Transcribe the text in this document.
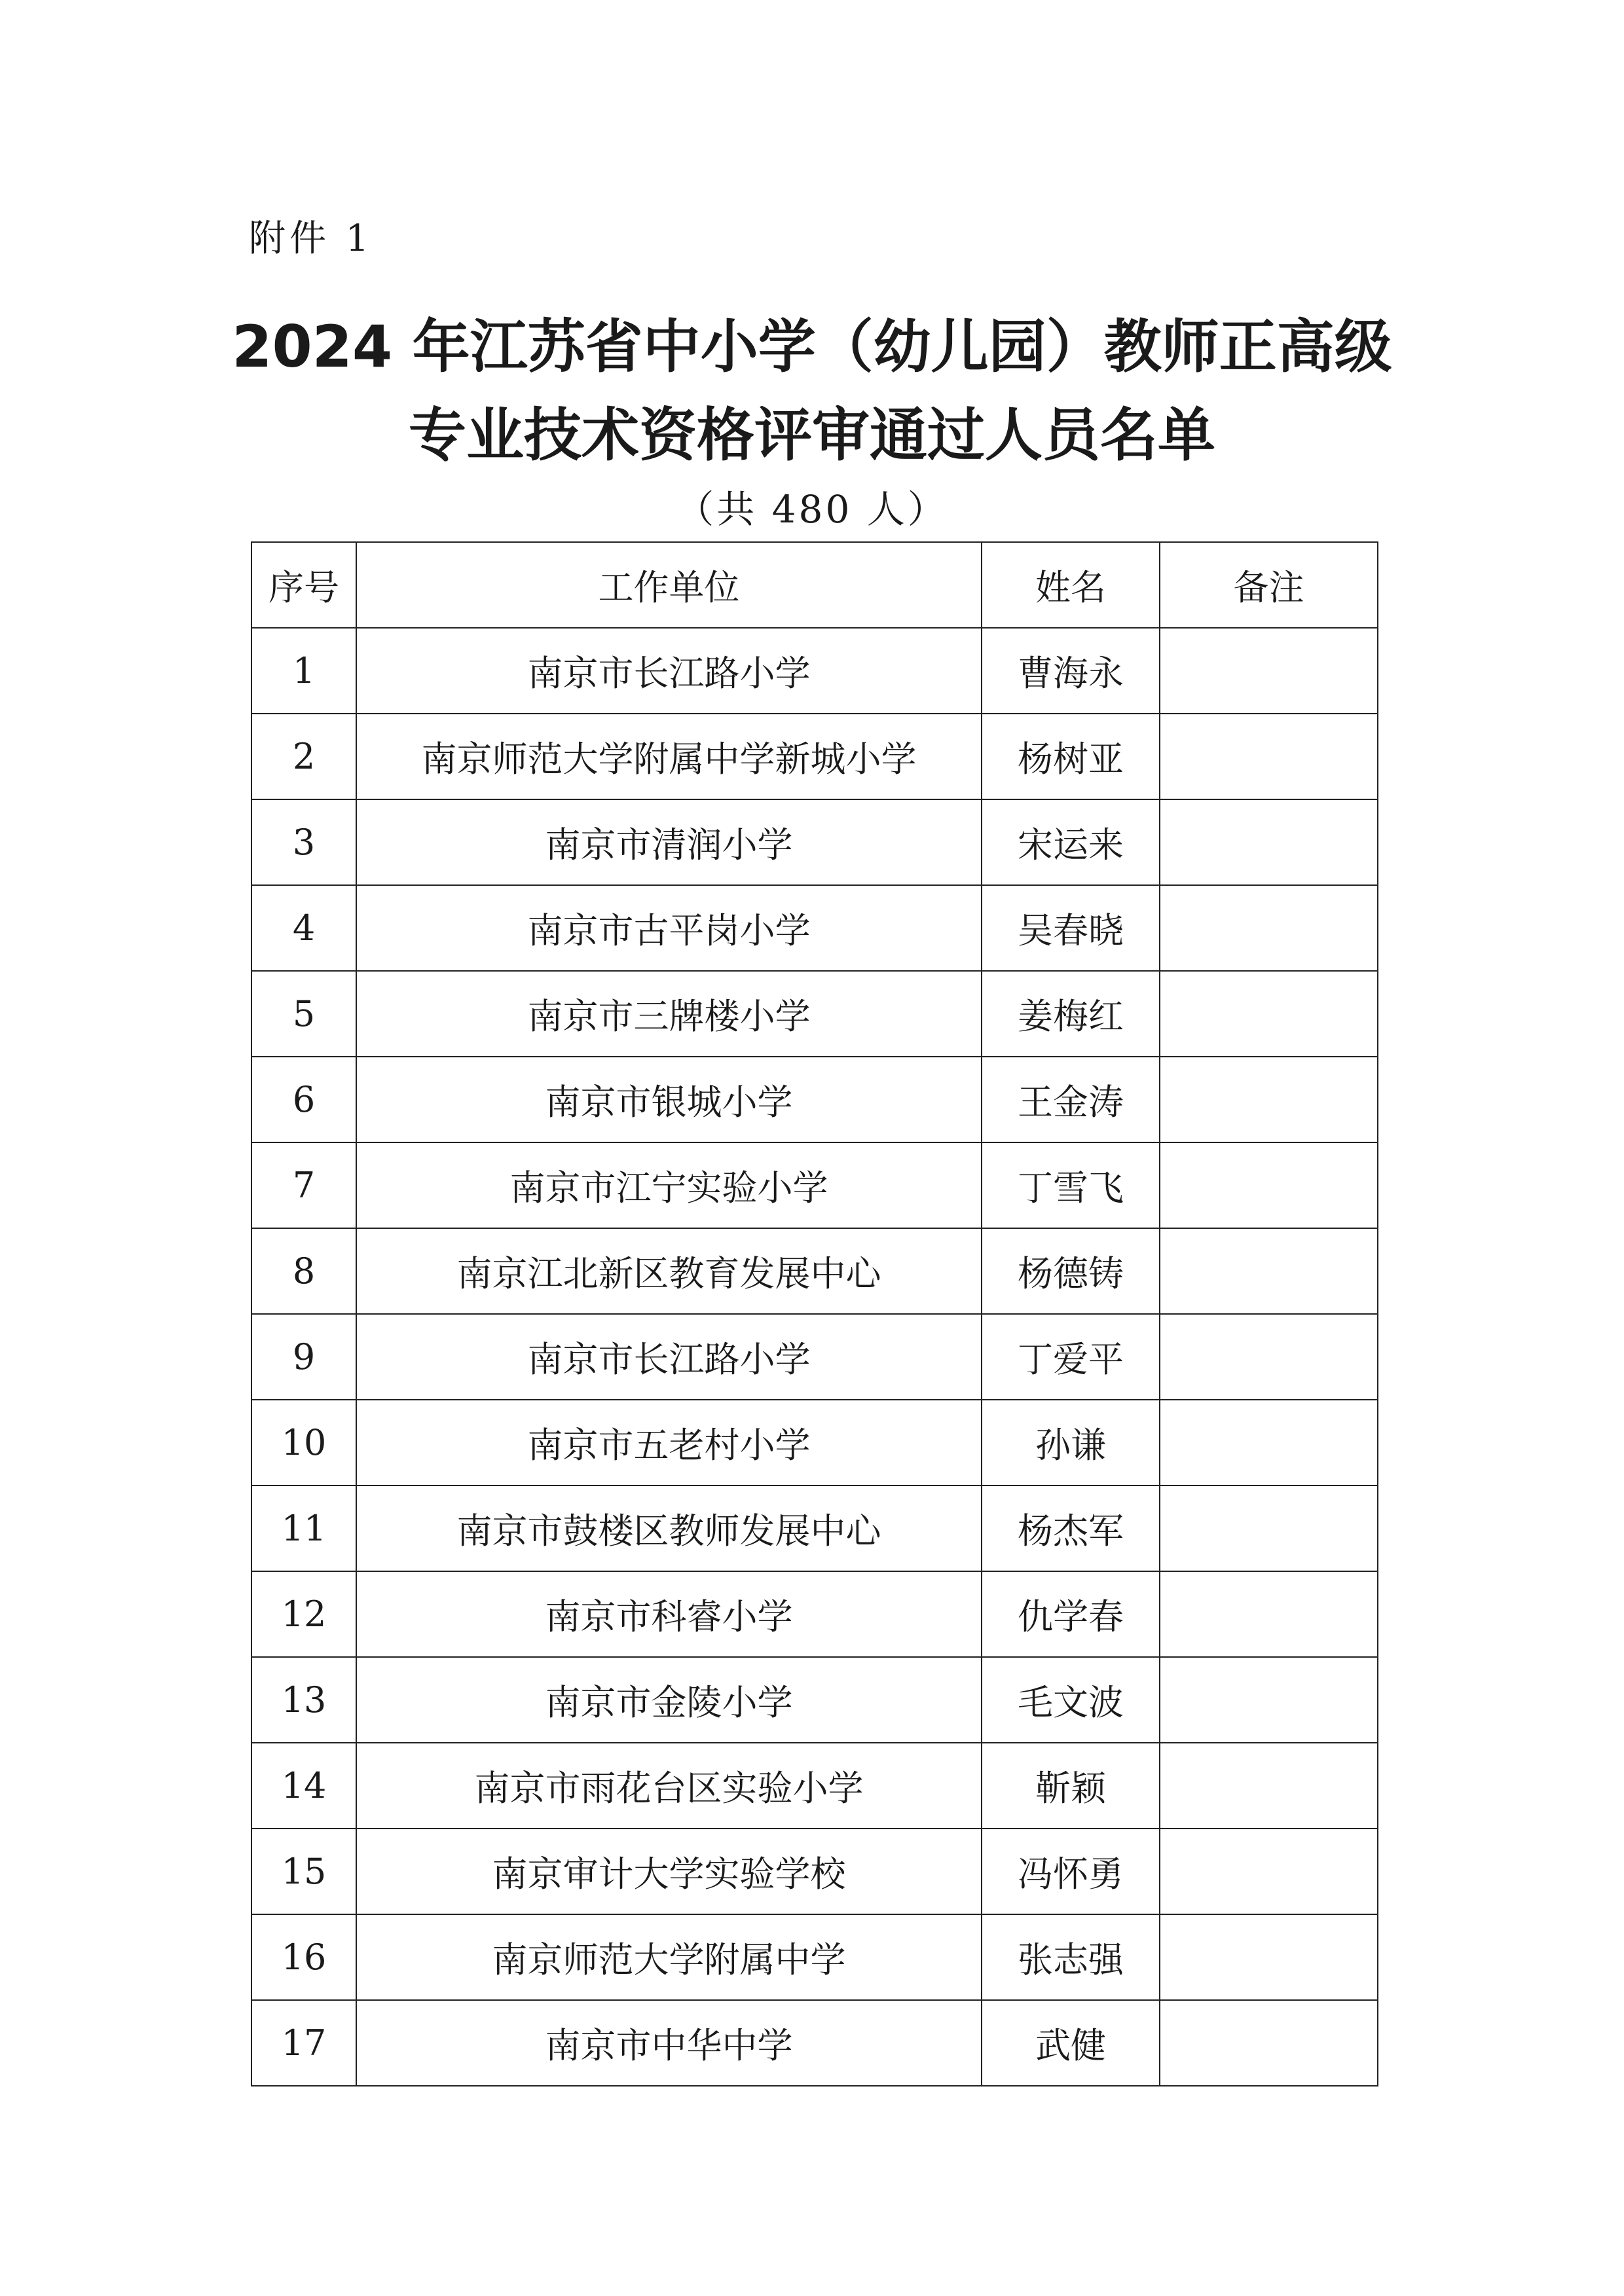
附件 1
2024 年江苏省中小学（幼儿园）教师正高级
专业技术资格评审通过人员名单
（共 480 人）
序号	工作单位	姓名	备注
1	南京市长江路小学	曹海永	
2	南京师范大学附属中学新城小学	杨树亚	
3	南京市清润小学	宋运来	
4	南京市古平岗小学	吴春晓	
5	南京市三牌楼小学	姜梅红	
6	南京市银城小学	王金涛	
7	南京市江宁实验小学	丁雪飞	
8	南京江北新区教育发展中心	杨德铸	
9	南京市长江路小学	丁爱平	
10	南京市五老村小学	孙谦	
11	南京市鼓楼区教师发展中心	杨杰军	
12	南京市科睿小学	仇学春	
13	南京市金陵小学	毛文波	
14	南京市雨花台区实验小学	靳颖	
15	南京审计大学实验学校	冯怀勇	
16	南京师范大学附属中学	张志强	
17	南京市中华中学	武健	
